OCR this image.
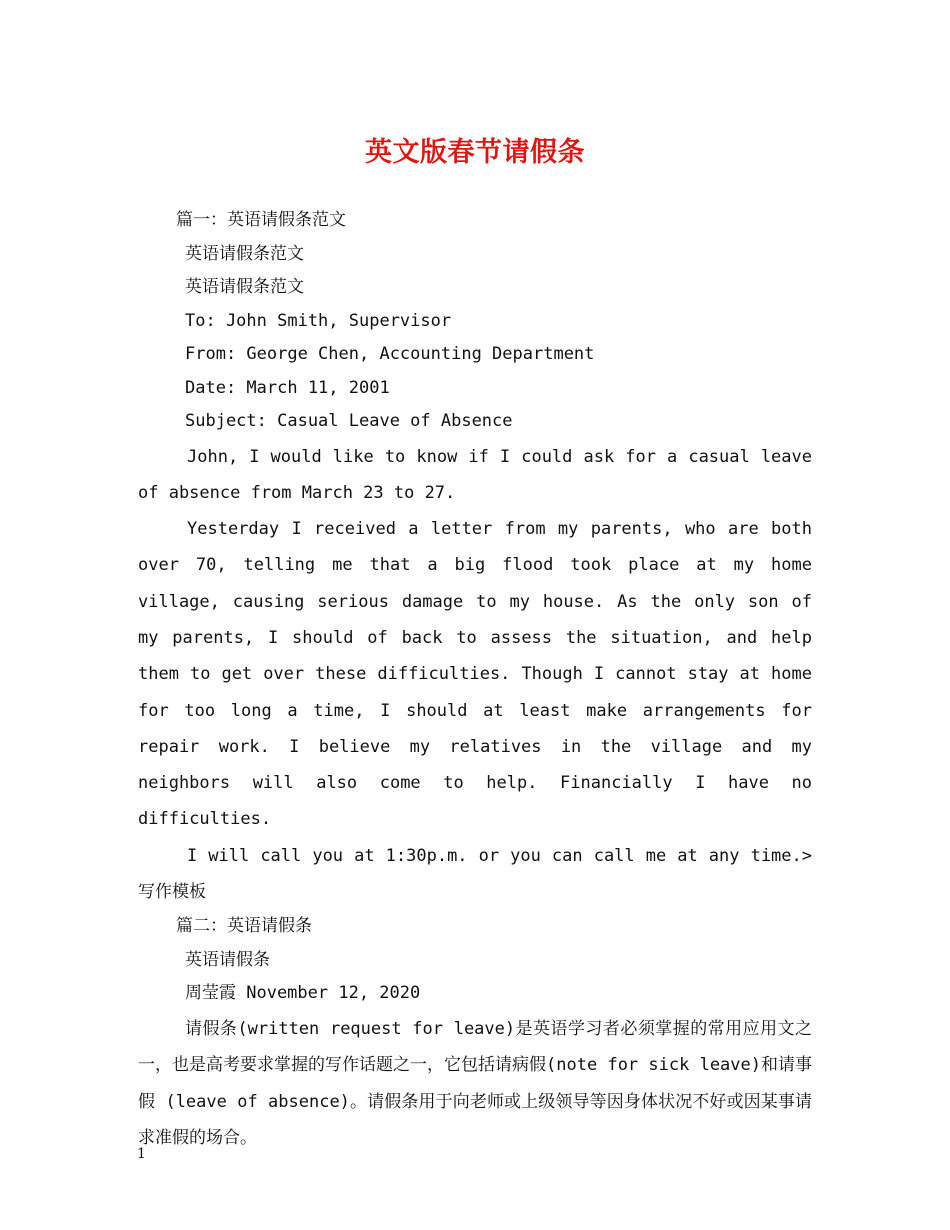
英文版春节请假条
篇一：英语请假条范文
英语请假条范文
英语请假条范文
To: John Smith, Supervisor
From: George Chen, Accounting Department
Date: March 11, 2001
Subject: Casual Leave of Absence

John, I would like to know if I could ask for a casual leave of absence from March 23 to 27.

Yesterday I received a letter from my parents, who are both over 70, telling me that a big flood took place at my home village, causing serious damage to my house. As the only son of my parents, I should of back to assess the situation, and help them to get over these difficulties. Though I cannot stay at home for too long a time, I should at least make arrangements for repair work. I believe my relatives in the village and my neighbors will also come to help. Financially I have no difficulties.

I will call you at 1:30p.m. or you can call me at any time.>写作模板

篇二：英语请假条
英语请假条
周莹霞 November 12, 2020

请假条(written request for leave)是英语学习者必须掌握的常用应用文之一，也是高考要求掌握的写作话题之一，它包括请病假(note for sick leave)和请事假 (leave of absence)。请假条用于向老师或上级领导等因身体状况不好或因某事请求准假的场合。

1
